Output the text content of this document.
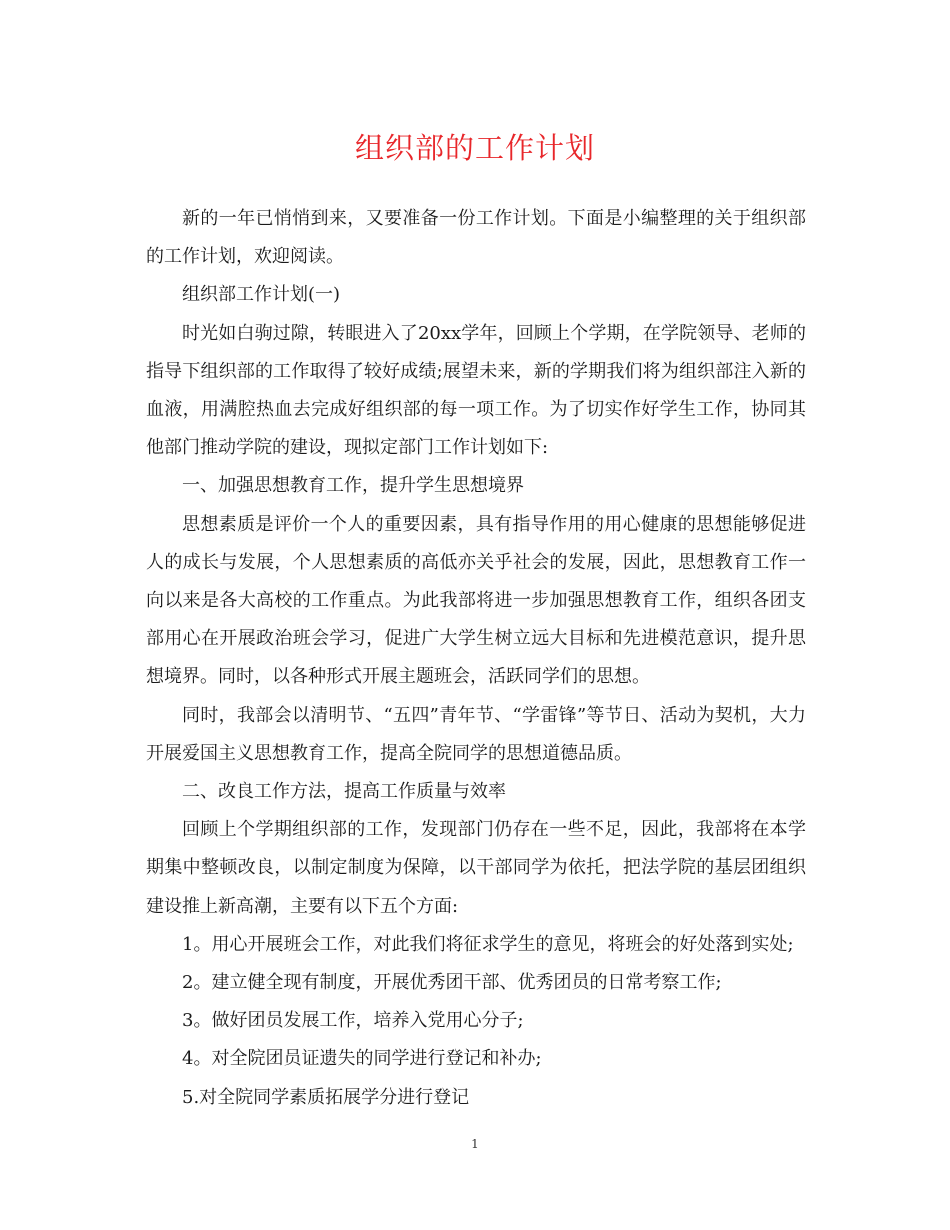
组织部的工作计划

新的一年已悄悄到来，又要准备一份工作计划。下面是小编整理的关于组织部的工作计划，欢迎阅读。

组织部工作计划(一)

时光如白驹过隙，转眼进入了20xx学年，回顾上个学期，在学院领导、老师的指导下组织部的工作取得了较好成绩;展望未来，新的学期我们将为组织部注入新的血液，用满腔热血去完成好组织部的每一项工作。为了切实作好学生工作，协同其他部门推动学院的建设，现拟定部门工作计划如下:

一、加强思想教育工作，提升学生思想境界

思想素质是评价一个人的重要因素，具有指导作用的用心健康的思想能够促进人的成长与发展，个人思想素质的高低亦关乎社会的发展，因此，思想教育工作一向以来是各大高校的工作重点。为此我部将进一步加强思想教育工作，组织各团支部用心在开展政治班会学习，促进广大学生树立远大目标和先进模范意识，提升思想境界。同时，以各种形式开展主题班会，活跃同学们的思想。

同时，我部会以清明节、“五四”青年节、“学雷锋”等节日、活动为契机，大力开展爱国主义思想教育工作，提高全院同学的思想道德品质。

二、改良工作方法，提高工作质量与效率

回顾上个学期组织部的工作，发现部门仍存在一些不足，因此，我部将在本学期集中整顿改良，以制定制度为保障，以干部同学为依托，把法学院的基层团组织建设推上新高潮，主要有以下五个方面:

1。用心开展班会工作，对此我们将征求学生的意见，将班会的好处落到实处;

2。建立健全现有制度，开展优秀团干部、优秀团员的日常考察工作;

3。做好团员发展工作，培养入党用心分子;

4。对全院团员证遗失的同学进行登记和补办;

5.对全院同学素质拓展学分进行登记

1
